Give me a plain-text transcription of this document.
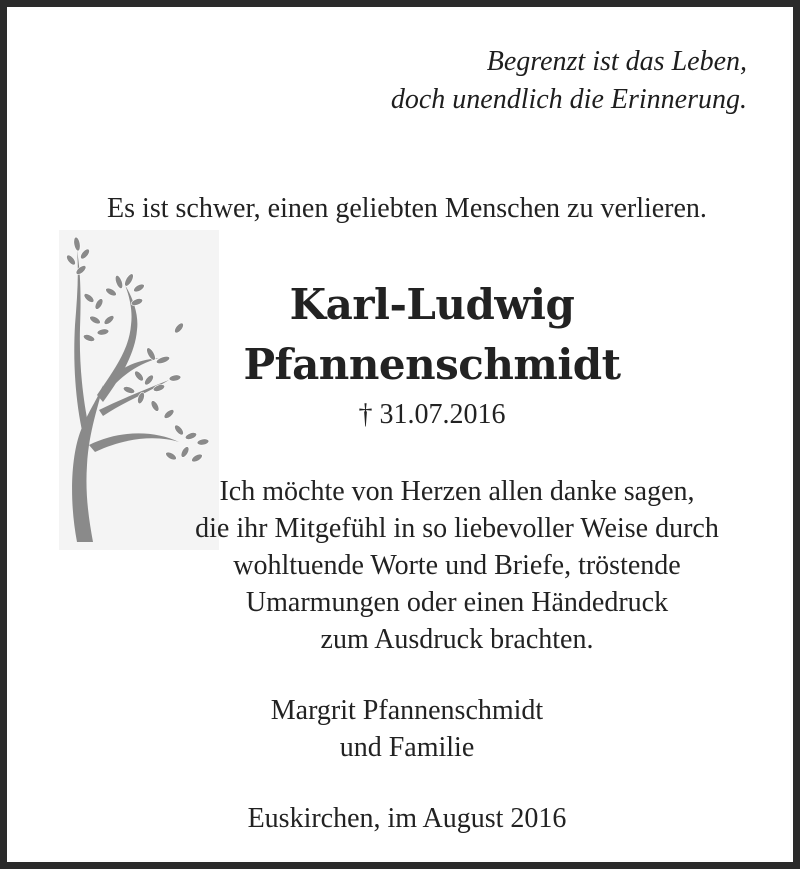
Begrenzt ist das Leben,
doch unendlich die Erinnerung.
Es ist schwer, einen geliebten Menschen zu verlieren.
Karl-Ludwig
Pfannenschmidt
† 31.07.2016
Ich möchte von Herzen allen danke sagen,
die ihr Mitgefühl in so liebevoller Weise durch
wohltuende Worte und Briefe, tröstende
Umarmungen oder einen Händedruck
zum Ausdruck brachten.
Margrit Pfannenschmidt
und Familie
Euskirchen, im August 2016
